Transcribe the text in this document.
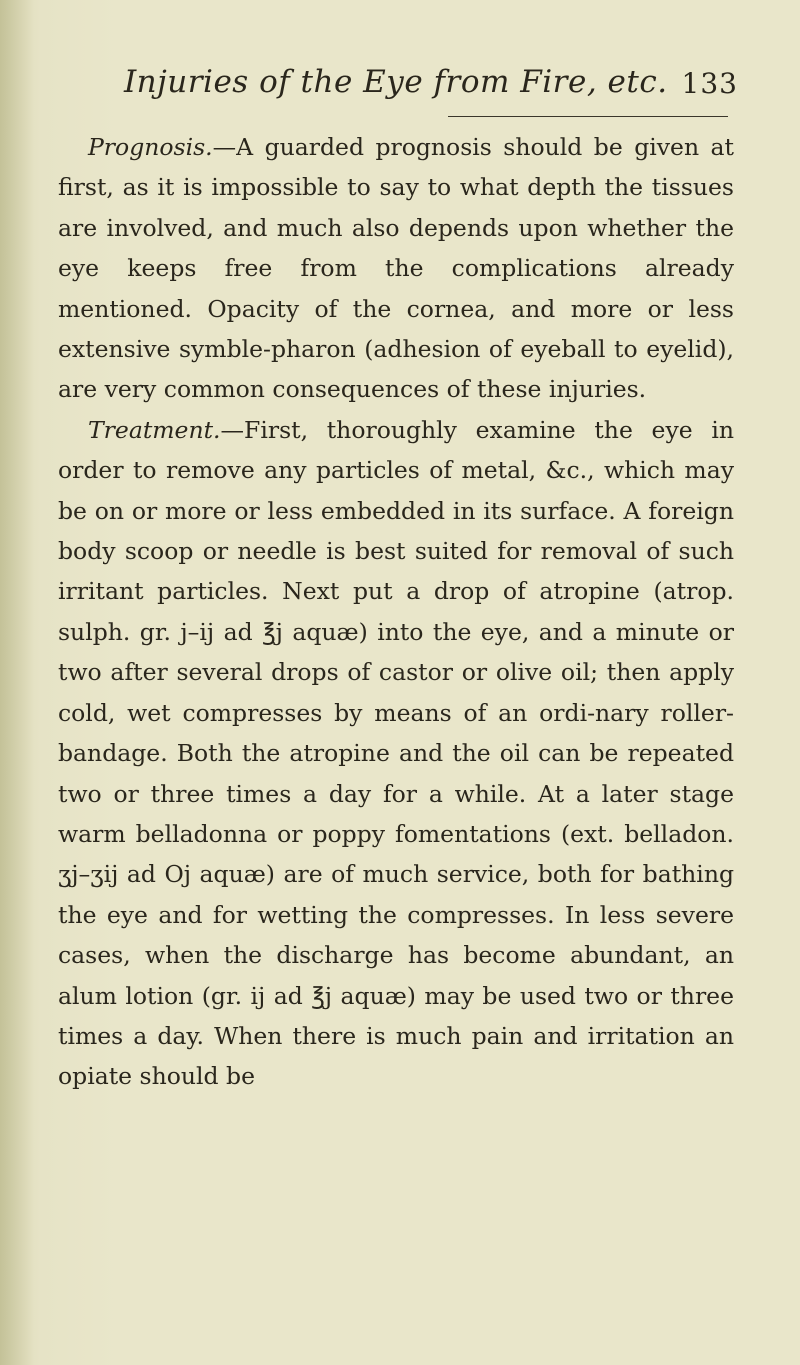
Injuries of the Eye from Fire, etc. 133

Prognosis.—A guarded prognosis should be given at first, as it is impossible to say to what depth the tissues are involved, and much also depends upon whether the eye keeps free from the complications already mentioned. Opacity of the cornea, and more or less extensive symble-pharon (adhesion of eyeball to eyelid), are very common consequences of these injuries.

Treatment.—First, thoroughly examine the eye in order to remove any particles of metal, &c., which may be on or more or less embedded in its surface. A foreign body scoop or needle is best suited for removal of such irritant particles. Next put a drop of atropine (atrop. sulph. gr. j–ij ad ℥j aquæ) into the eye, and a minute or two after several drops of castor or olive oil; then apply cold, wet compresses by means of an ordi-nary roller-bandage. Both the atropine and the oil can be repeated two or three times a day for a while. At a later stage warm belladonna or poppy fomentations (ext. belladon. ʒj–ʒij ad Oj aquæ) are of much service, both for bathing the eye and for wetting the compresses. In less severe cases, when the discharge has become abundant, an alum lotion (gr. ij ad ℥j aquæ) may be used two or three times a day. When there is much pain and irritation an opiate should be
